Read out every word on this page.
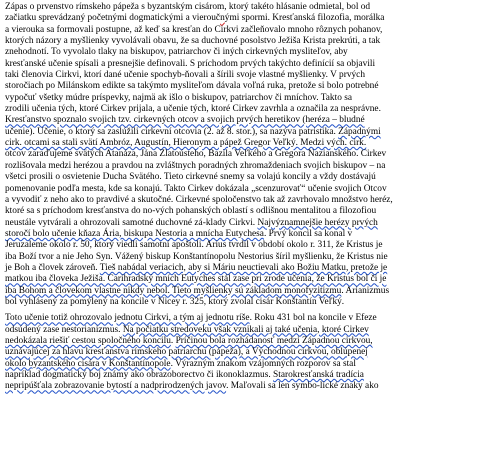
Zápas o prvenstvo rímskeho pápeža s byzantským cisárom, ktorý takéto hlásanie odmietal, bol od
začiatku sprevádzaný početnými dogmatickými a vieroučnými spormi. Kresťanská filozofia, morálka
a vierouka sa formovali postupne, až keď sa kresťan do Cirkvi začleňovalo mnoho rôznych pohanov,
ktorých názory a myšlienky vyvolávali obavu, že sa duchovné posolstvo Ježiša Krista prekrúti, a tak
znehodnotí. To vyvolalo tlaky na biskupov, patriarchov či iných cirkevných mysliteľov, aby
kresťanské učenie spísali a presnejšie definovali. S príchodom prvých takýchto definícií sa objavili
taki členovia Cirkvi, ktorí dané učenie spochyb-ňovali a šírili svoje vlastné myšlienky. V prvých
storočiach po Milánskom edikte sa takýmto mysliteľom dávala voľná ruka, pretože si bolo potrebné
vypočuť všetky múdre príspevky, najmä ak išlo o biskupov, patriarchov či mníchov. Takto sa
zrodili učenia tých, ktoré Cirkev prijala, a učenie tých, ktoré Cirkev zavrhla a označila za nesprávne.
Kresťanstvo spoznalo svojich tzv. cirkevných otcov a svojich prvých heretikov (heréza – bludné
učenie). Učenie, o ktorý sa zaslúžili cirkevní otcovia (2. až 8. stor.), sa nazýva patristika. Západnými
cirk. otcami sa stali svätí Ambróz, Augustín, Hieronym a pápež Gregor Veľký. Medzi vých. cirk.
otcov zaraďujeme svätých Atanáza, Jána Zlatoústeho, Bazila Veľkého a Gregora Nazianského. Cirkev
rozlišovala medzi herézou a pravdou na zvláštnych poradných zhromaždeniach svojich biskupov – na
všetci prosili o osvietenie Ducha Svätého. Tieto cirkevné snemy sa volajú koncily a vždy dostávajú
pomenovanie podľa mesta, kde sa konajú. Takto Cirkev dokázala „scenzurovať“ učenie svojich Otcov
a vyvodiť z neho ako to pravdivé a skutočné. Cirkevné spoločenstvo tak až zavrhovalo množstvo heréz,
ktoré sa s príchodom kresťanstva do no-vých pohanských oblastí s odlišnou mentalitou a filozofiou
neustále vytvárali a ohrozovali samotné duchovné zá-klady Cirkvi. Najvýznamnejšie herézy prvých
storočí bolo učenie kňaza Ária, biskupa Nestoria a mnícha Eutychesa. Prvý koncil sa konal v
Jeruzaleme okolo r. 50, ktorý viedli samotní apoštoli. Arius tvrdil v období okolo r. 311, že Kristus je
iba Boží tvor a nie Jeho Syn. Vážený biskup Konštantínopolu Nestorius šíril myšlienku, že Kristus nie
je Boh a človek zároveň. Tieš nabádal veriacich, aby si Máriu neuctievali ako Božiu Matku, pretože je
matkou iba človeka Ježiša. Carihradský mních Eutyches stál zase pri zrode učenia, že Kristus bol či je
iba Bohom a človekom vlastne nikdy nebol. Tieto myšlienky sú základom monofyzitizmu. Arianizmus
bol vyhlásený za pomýlený na koncile v Nicey r. 325, ktorý zvolal cisár Konštantín Veľký.
Toto učenie totiž ohrozovalo jednotu Cirkvi, a tým aj jednotu ríše. Roku 431 bol na koncile v Efeze
odsúdený zase nestorianizmus. Na počiatku stredoveku však vznikali aj také učenia, ktoré Cirkev
nedokázala riešiť cestou spoločného koncilu. Príčinou bola rozhádanosť medzi Západnou cirkvou,
uznávajúcej za hlavu kresťanstva rímskeho patriarchu (pápeža), a Východnou cirkvou, oblúpenej
okolo byzantského cisára v Konštantínopole. Výrazným znakom vzájomných rozporov sa stal
napríklad dogmatický boj známy ako obrazoborectvo či ikonoklazmus. Starokresťanská tradícia
nepripúšťala zobrazovanie bytostí a nadprirodzených javov. Maľovali sa len symbo-lické znaky ako
